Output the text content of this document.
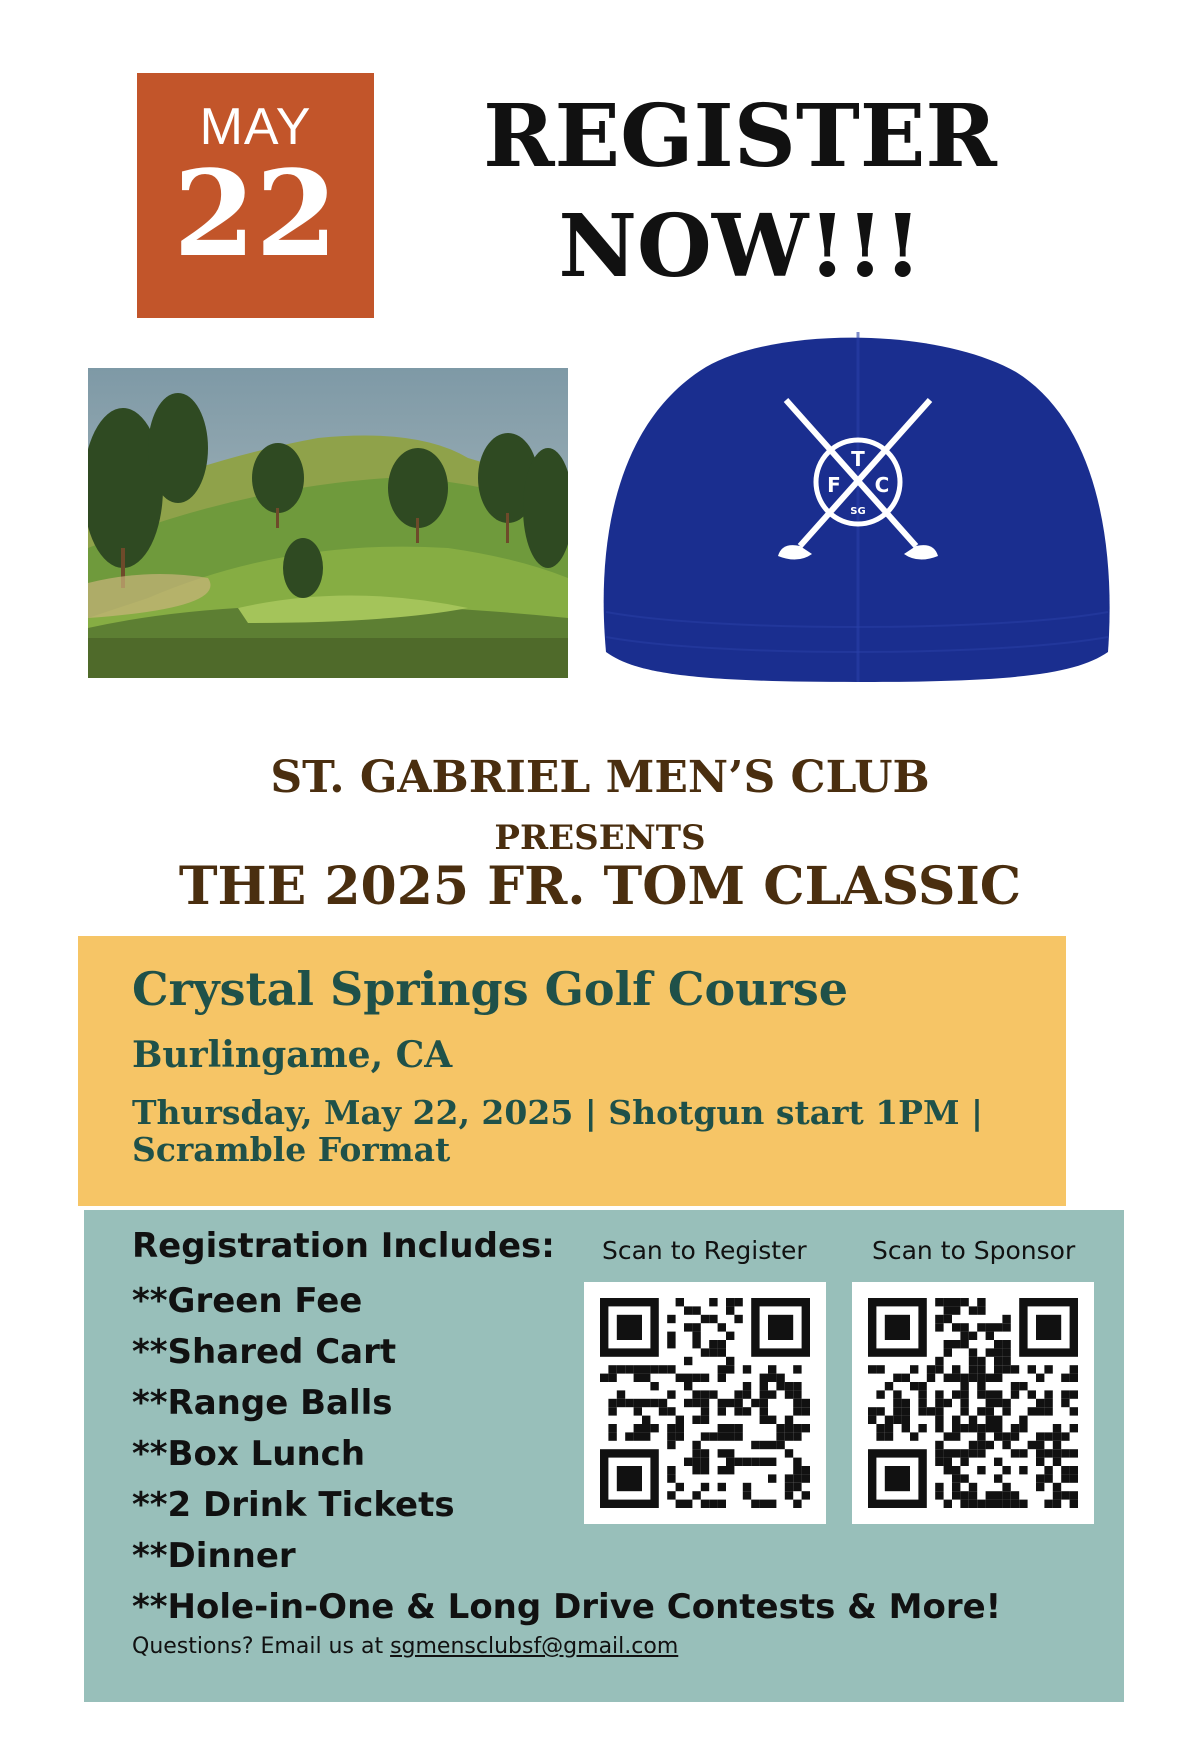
MAY
22
REGISTER
NOW!!!
T
F C
SG
ST. GABRIEL MEN’S CLUB
PRESENTS
THE 2025 FR. TOM CLASSIC
Crystal Springs Golf Course
Burlingame, CA
Thursday, May 22, 2025 | Shotgun start 1PM | Scramble Format
Registration Includes:
**Green Fee
**Shared Cart
**Range Balls
**Box Lunch
**2 Drink Tickets
**Dinner
**Hole-in-One & Long Drive Contests & More!
Questions? Email us at sgmensclubsf@gmail.com
Scan to Register	Scan to Sponsor
